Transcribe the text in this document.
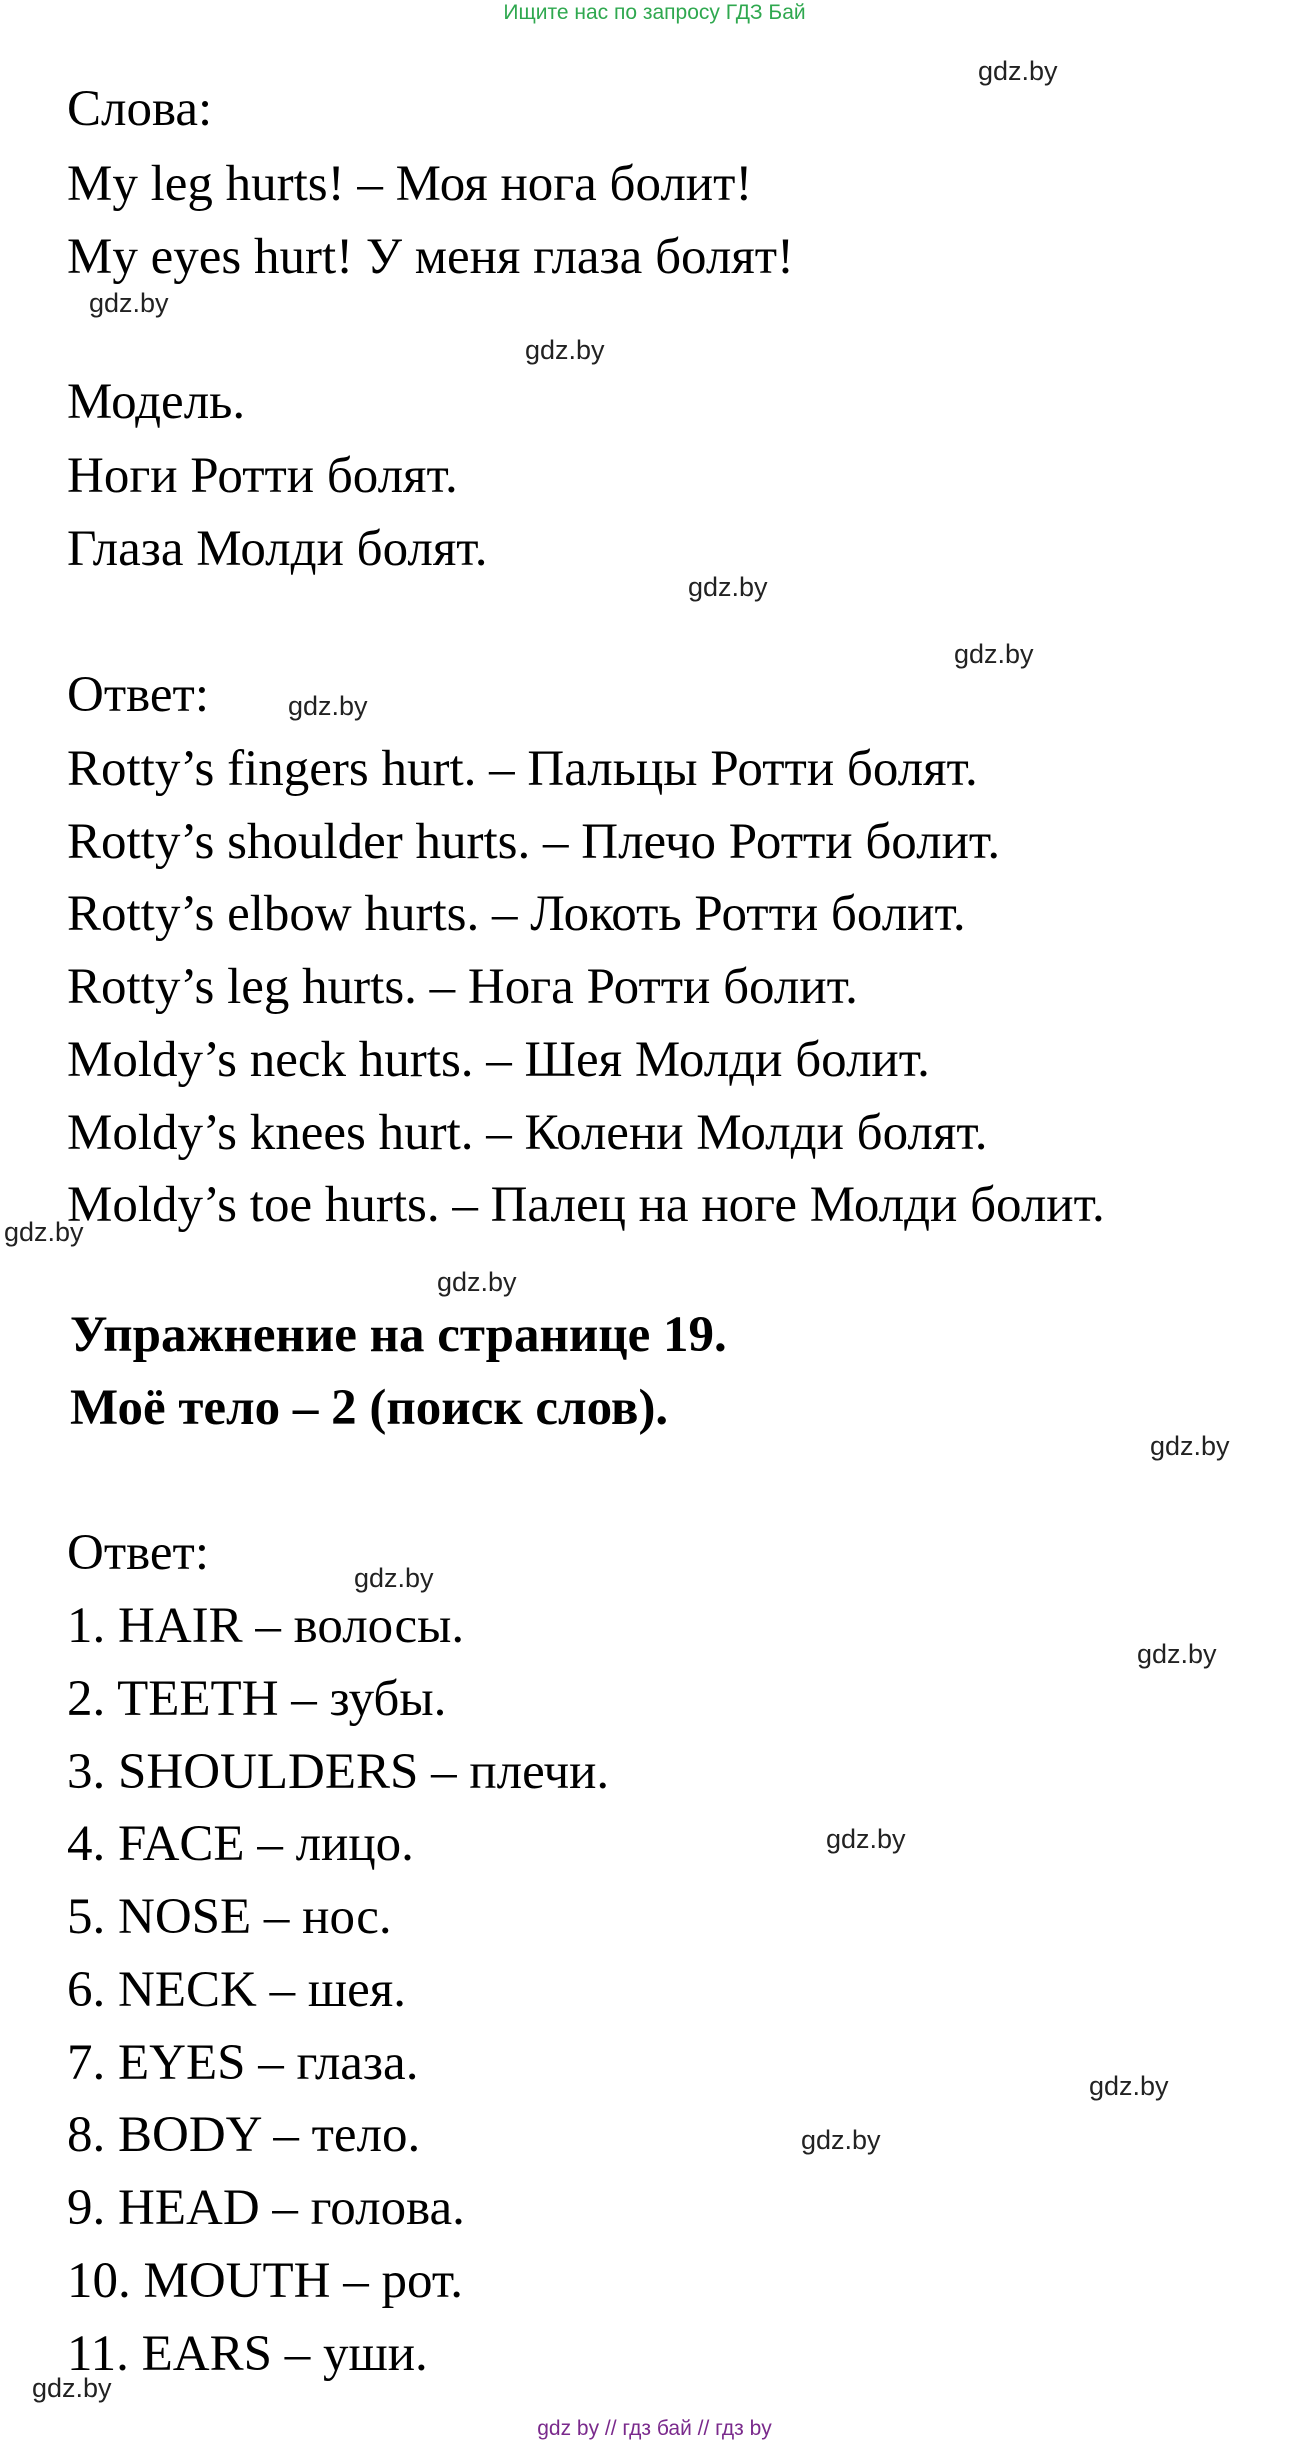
Ищите нас по запросу ГДЗ Бай
Слова:
My leg hurts! – Моя нога болит!
My eyes hurt! У меня глаза болят!
Модель.
Ноги Ротти болят.
Глаза Молди болят.
Ответ:
Rotty’s fingers hurt. – Пальцы Ротти болят.
Rotty’s shoulder hurts. – Плечо Ротти болит.
Rotty’s elbow hurts. – Локоть Ротти болит.
Rotty’s leg hurts. – Нога Ротти болит.
Moldy’s neck hurts. – Шея Молди болит.
Moldy’s knees hurt. – Колени Молди болят.
Moldy’s toe hurts. – Палец на ноге Молди болит.
Упражнение на странице 19.
Моё тело – 2 (поиск слов).
Ответ:
1. HAIR – волосы.
2. TEETH – зубы.
3. SHOULDERS – плечи.
4. FACE – лицо.
5. NOSE – нос.
6. NECK – шея.
7. EYES – глаза.
8. BODY – тело.
9. HEAD – голова.
10. MOUTH – рот.
11. EARS – уши.
gdz.by
gdz.by
gdz.by
gdz.by
gdz.by
gdz.by
gdz.by
gdz.by
gdz.by
gdz.by
gdz.by
gdz.by
gdz.by
gdz.by
gdz.by
gdz by // гдз бай // гдз by
